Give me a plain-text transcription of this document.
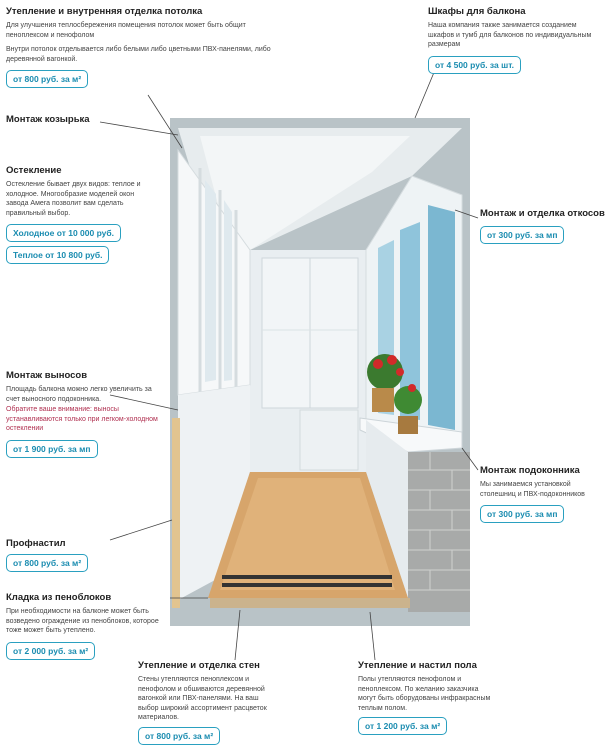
Утепление и внутренняя отделка потолка
Для улучшения теплосбережения помещения потолок может быть общит пеноплексом и пенофолом
Внутри потолок отделывается либо белыми либо цветными ПВХ-панелями, либо деревянной вагонкой.
от 800 руб. за м²
Шкафы для балкона
Наша компания также занимается созданием шкафов и тумб для балконов по индивидуальным размерам
от 4 500 руб. за шт.
Монтаж козырька
Остекление
Остекление бывает двух видов: теплое и холодное. Многообразие моделей окон завода Амега позволит вам сделать правильный выбор.
Холодное от 10 000 руб.
Теплое от 10 800 руб.
Монтаж и отделка откосов
от 300 руб. за мп
Монтаж выносов
Площадь балкона можно легко увеличить за счет выносного подоконника.
Обратите ваше внимание: выносы устанавливаются только при легком-холодном остеклении
от 1 900 руб. за мп
Монтаж подоконника
Мы занимаемся установкой столешниц и ПВХ-подоконников
от 300 руб. за мп
Профнастил
от 800 руб. за м²
Кладка из пеноблоков
При необходимости на балконе может быть возведено ограждение из пеноблоков, которое тоже может быть утеплено.
от 2 000 руб. за м²
Утепление и отделка стен
Стены утепляются пеноплексом и пенофолом и обшиваются деревянной вагонкой или ПВХ-панелями. На ваш выбор широкий ассортимент расцветок материалов.
от 800 руб. за м²
Утепление и настил пола
Полы утепляются пенофолом и пеноплексом. По желанию заказчика могут быть оборудованы инфракрасным теплым полом.
от 1 200 руб. за м²
